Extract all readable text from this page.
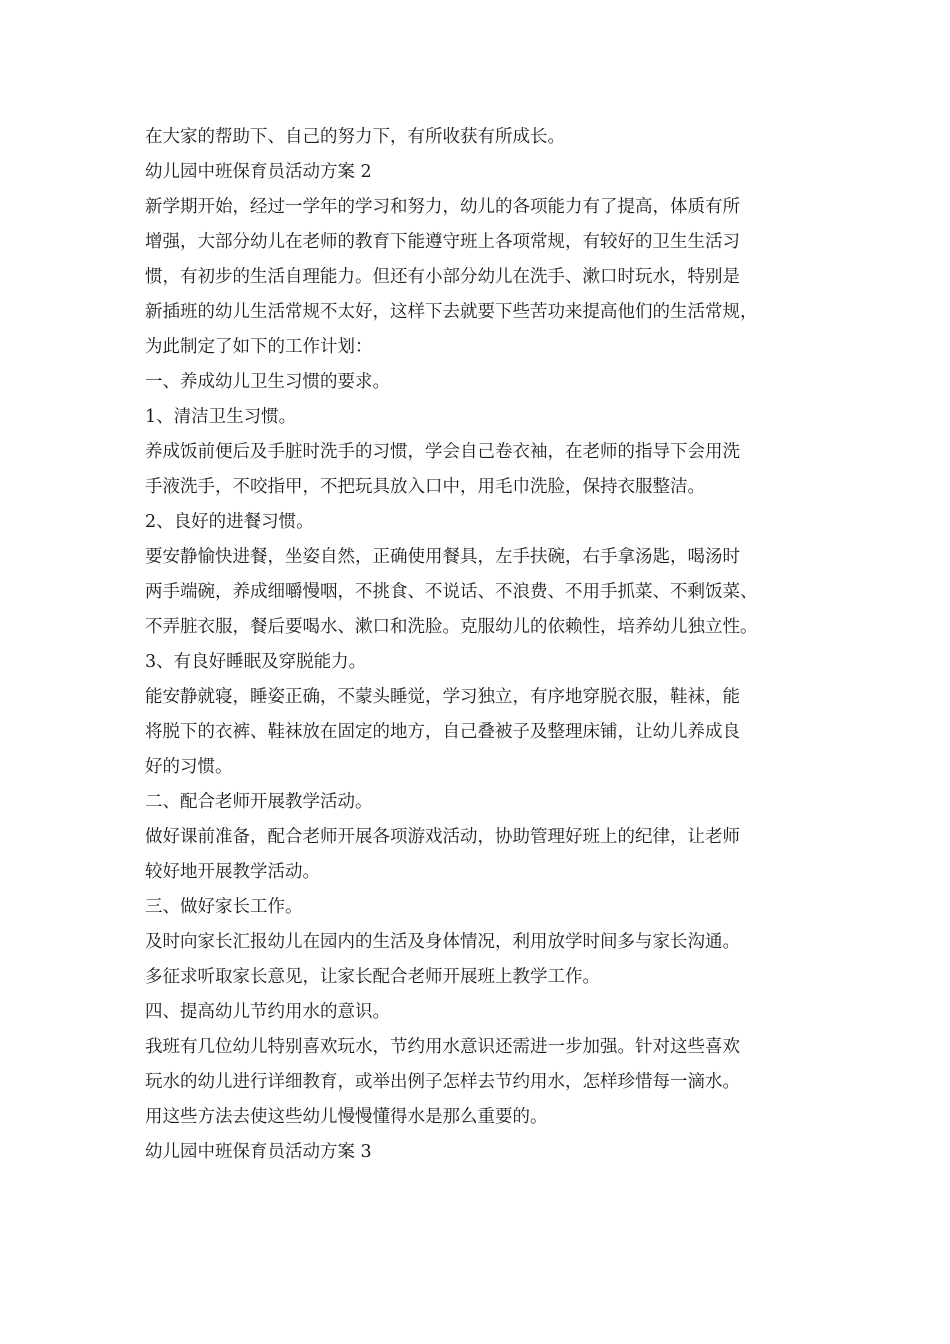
在大家的帮助下、自己的努力下，有所收获有所成长。
幼儿园中班保育员活动方案 2
新学期开始，经过一学年的学习和努力，幼儿的各项能力有了提高，体质有所
增强，大部分幼儿在老师的教育下能遵守班上各项常规，有较好的卫生生活习
惯，有初步的生活自理能力。但还有小部分幼儿在洗手、漱口时玩水，特别是
新插班的幼儿生活常规不太好，这样下去就要下些苦功来提高他们的生活常规，
为此制定了如下的工作计划：
一、养成幼儿卫生习惯的要求。
1、清洁卫生习惯。
养成饭前便后及手脏时洗手的习惯，学会自己卷衣袖，在老师的指导下会用洗
手液洗手，不咬指甲，不把玩具放入口中，用毛巾洗脸，保持衣服整洁。
2、良好的进餐习惯。
要安静愉快进餐，坐姿自然，正确使用餐具，左手扶碗，右手拿汤匙，喝汤时
两手端碗，养成细嚼慢咽，不挑食、不说话、不浪费、不用手抓菜、不剩饭菜、
不弄脏衣服，餐后要喝水、漱口和洗脸。克服幼儿的依赖性，培养幼儿独立性。
3、有良好睡眠及穿脱能力。
能安静就寝，睡姿正确，不蒙头睡觉，学习独立，有序地穿脱衣服，鞋袜，能
将脱下的衣裤、鞋袜放在固定的地方，自己叠被子及整理床铺，让幼儿养成良
好的习惯。
二、配合老师开展教学活动。
做好课前准备，配合老师开展各项游戏活动，协助管理好班上的纪律，让老师
较好地开展教学活动。
三、做好家长工作。
及时向家长汇报幼儿在园内的生活及身体情况，利用放学时间多与家长沟通。
多征求听取家长意见，让家长配合老师开展班上教学工作。
四、提高幼儿节约用水的意识。
我班有几位幼儿特别喜欢玩水，节约用水意识还需进一步加强。针对这些喜欢
玩水的幼儿进行详细教育，或举出例子怎样去节约用水，怎样珍惜每一滴水。
用这些方法去使这些幼儿慢慢懂得水是那么重要的。
幼儿园中班保育员活动方案 3
